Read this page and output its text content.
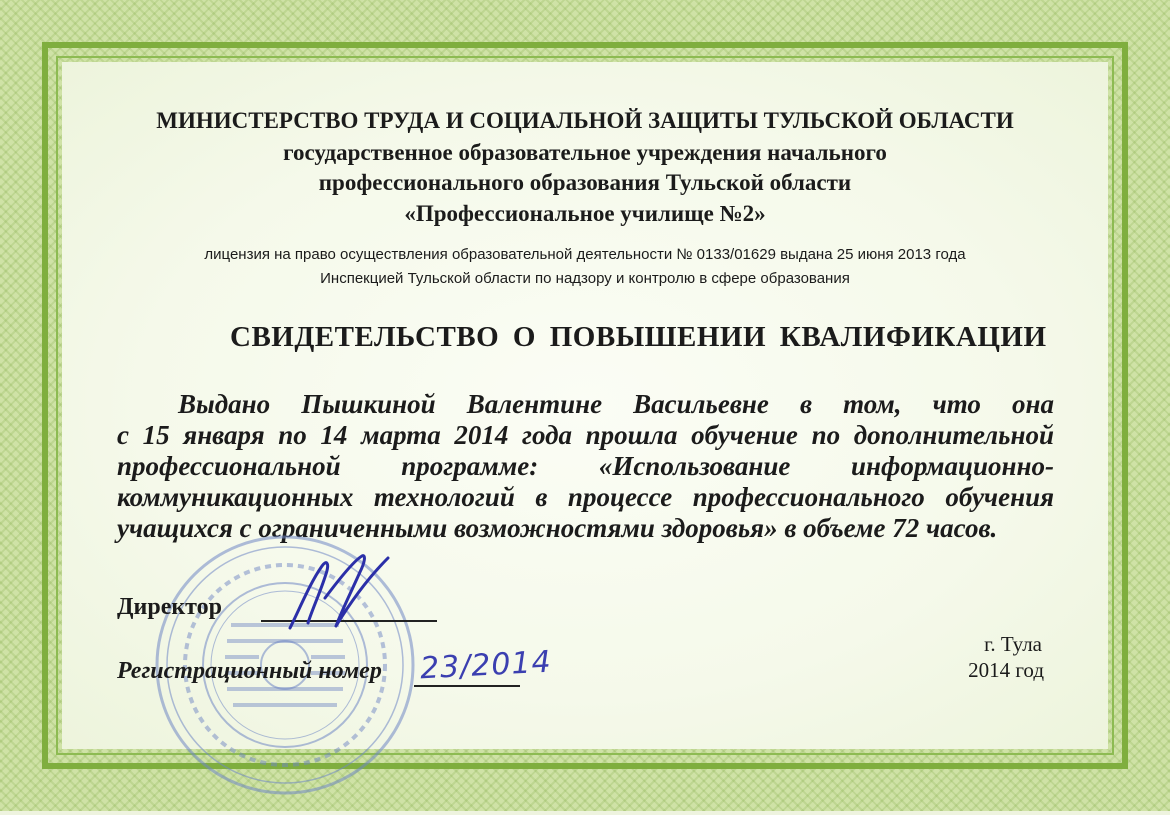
МИНИСТЕРСТВО ТРУДА И СОЦИАЛЬНОЙ ЗАЩИТЫ ТУЛЬСКОЙ ОБЛАСТИ
государственное образовательное учреждения начального
профессионального образования Тульской области
«Профессиональное училище №2»
лицензия на право осуществления образовательной деятельности № 0133/01629 выдана 25 июня 2013 года
Инспекцией Тульской области по надзору и контролю в сфере образования
СВИДЕТЕЛЬСТВО О ПОВЫШЕНИИ КВАЛИФИКАЦИИ
Выдано Пышкиной Валентине Васильевне в том, что она
с 15 января по 14 марта 2014 года прошла обучение по дополнительной
профессиональной программе: «Использование информационно-
коммуникационных технологий в процессе профессионального обучения
учащихся с ограниченными возможностями здоровья» в объеме 72 часов.
Директор
Регистрационный номер 23/2014
г. Тула
2014 год
